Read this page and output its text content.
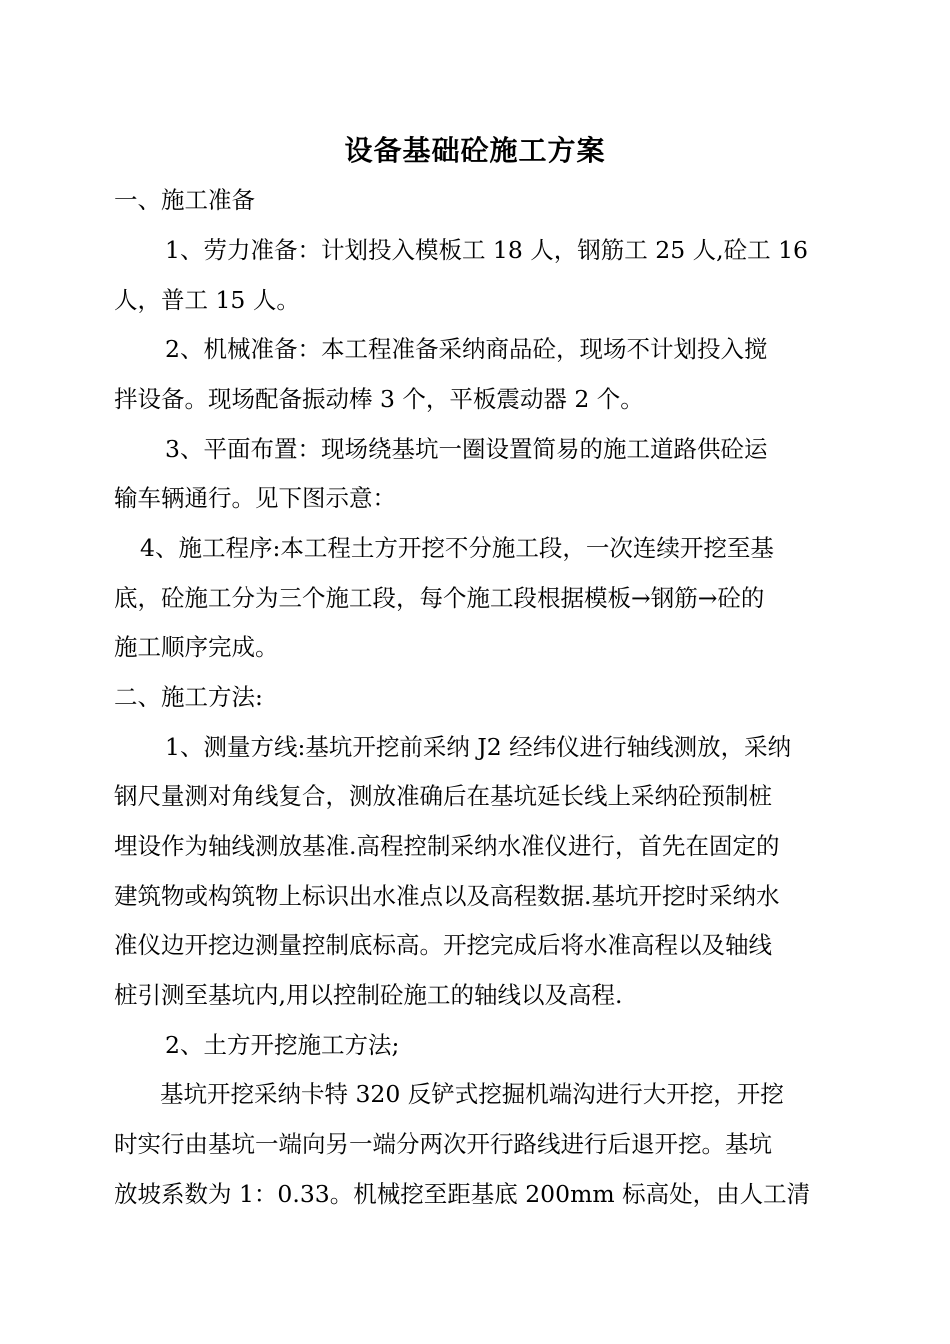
设备基础砼施工方案
一、施工准备
1、劳力准备：计划投入模板工 18 人，钢筋工 25 人,砼工 16
人，普工 15 人。
2、机械准备：本工程准备采纳商品砼，现场不计划投入搅
拌设备。现场配备振动棒 3 个，平板震动器 2 个。
3、平面布置：现场绕基坑一圈设置简易的施工道路供砼运
输车辆通行。见下图示意：
4、施工程序:本工程土方开挖不分施工段，一次连续开挖至基
底，砼施工分为三个施工段，每个施工段根据模板→钢筋→砼的
施工顺序完成。
二、施工方法:
1、测量方线:基坑开挖前采纳 J2 经纬仪进行轴线测放，采纳
钢尺量测对角线复合，测放准确后在基坑延长线上采纳砼预制桩
埋设作为轴线测放基准.高程控制采纳水准仪进行，首先在固定的
建筑物或构筑物上标识出水准点以及高程数据.基坑开挖时采纳水
准仪边开挖边测量控制底标高。开挖完成后将水准高程以及轴线
桩引测至基坑内,用以控制砼施工的轴线以及高程.
2、土方开挖施工方法;
基坑开挖采纳卡特 320 反铲式挖掘机端沟进行大开挖，开挖
时实行由基坑一端向另一端分两次开行路线进行后退开挖。基坑
放坡系数为 1：0.33。机械挖至距基底 200mm 标高处，由人工清
